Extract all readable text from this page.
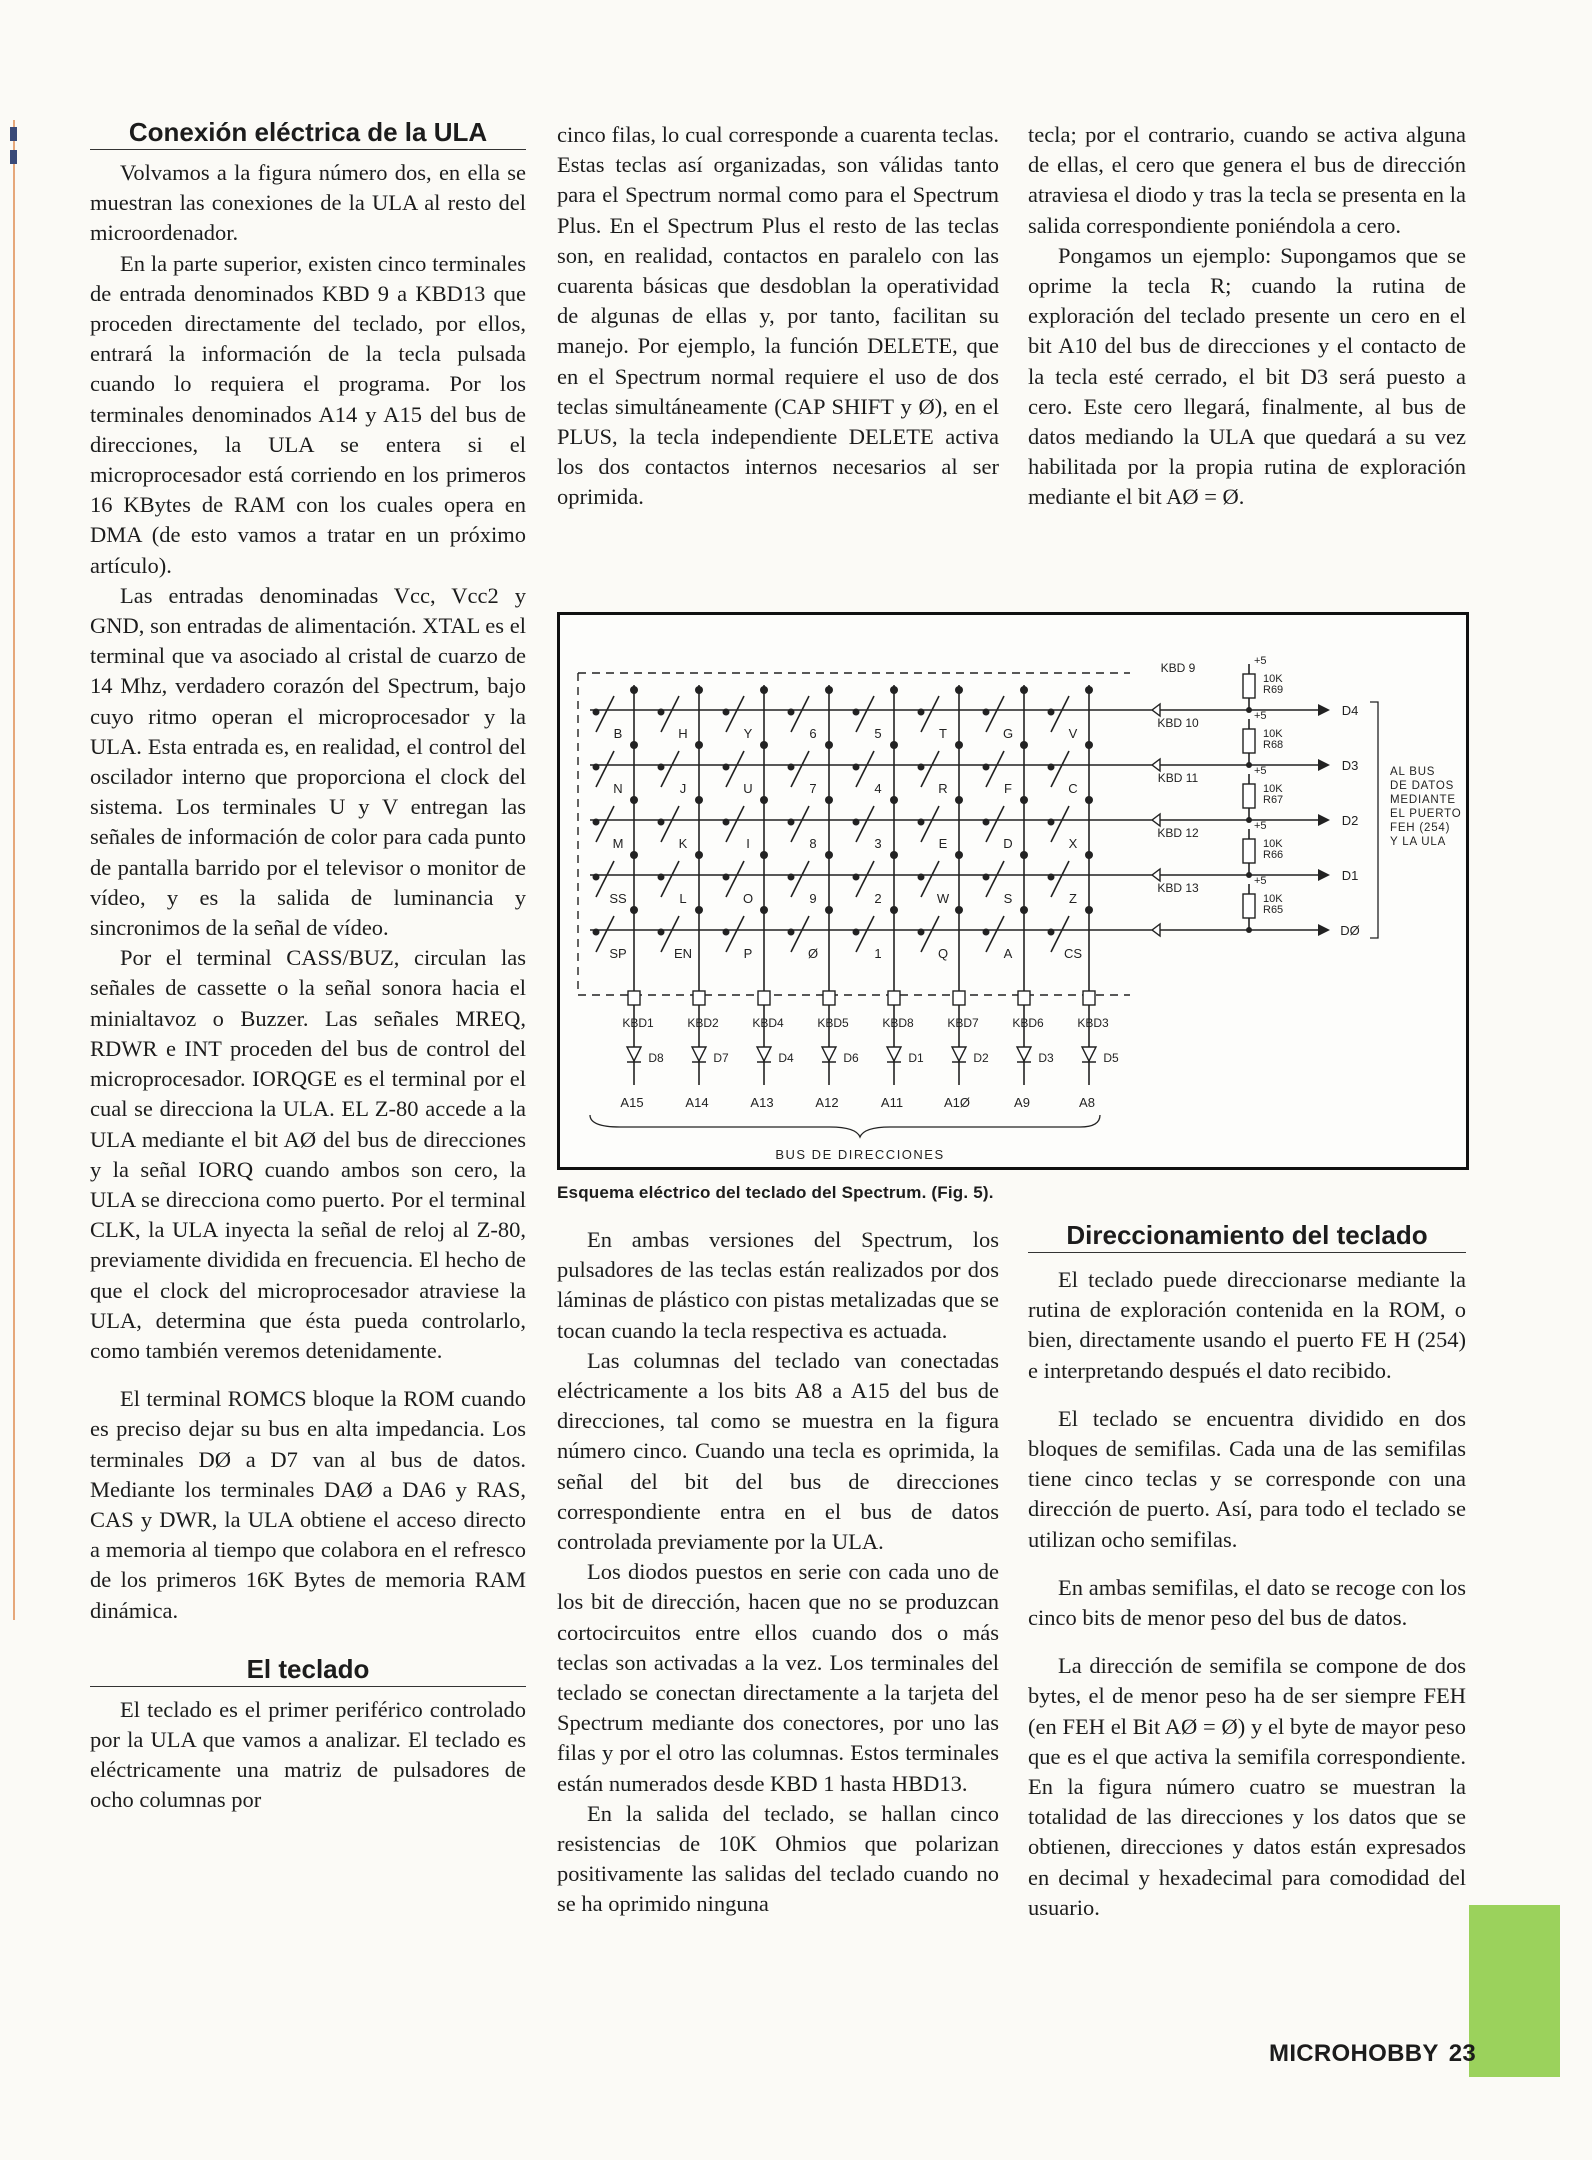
Conexión eléctrica de la ULA

Volvamos a la figura número dos, en ella se muestran las conexiones de la ULA al resto del microordenador.

En la parte superior, existen cinco terminales de entrada denominados KBD 9 a KBD13 que proceden directamente del teclado, por ellos, entrará la información de la tecla pulsada cuando lo requiera el programa. Por los terminales denominados A14 y A15 del bus de direcciones, la ULA se entera si el microprocesador está corriendo en los primeros 16 KBytes de RAM con los cuales opera en DMA (de esto vamos a tratar en un próximo artículo).

Las entradas denominadas Vcc, Vcc2 y GND, son entradas de alimentación. XTAL es el terminal que va asociado al cristal de cuarzo de 14 Mhz, verdadero corazón del Spectrum, bajo cuyo ritmo operan el microprocesador y la ULA. Esta entrada es, en realidad, el control del oscilador interno que proporciona el clock del sistema. Los terminales U y V entregan las señales de información de color para cada punto de pantalla barrido por el televisor o monitor de vídeo, y es la salida de luminancia y sincronimos de la señal de vídeo.

Por el terminal CASS/BUZ, circulan las señales de cassette o la señal sonora hacia el minialtavoz o Buzzer. Las señales MREQ, RDWR e INT proceden del bus de control del microprocesador. IORQGE es el terminal por el cual se direcciona la ULA. EL Z-80 accede a la ULA mediante el bit AØ del bus de direcciones y la señal IORQ cuando ambos son cero, la ULA se direcciona como puerto. Por el terminal CLK, la ULA inyecta la señal de reloj al Z-80, previamente dividida en frecuencia. El hecho de que el clock del microprocesador atraviese la ULA, determina que ésta pueda controlarlo, como también veremos detenidamente.

El terminal ROMCS bloque la ROM cuando es preciso dejar su bus en alta impedancia. Los terminales DØ a D7 van al bus de datos. Mediante los terminales DAØ a DA6 y RAS, CAS y DWR, la ULA obtiene el acceso directo a memoria al tiempo que colabora en el refresco de los primeros 16K Bytes de memoria RAM dinámica.

El teclado

El teclado es el primer periférico controlado por la ULA que vamos a analizar. El teclado es eléctricamente una matriz de pulsadores de ocho columnas por

cinco filas, lo cual corresponde a cuarenta teclas. Estas teclas así organizadas, son válidas tanto para el Spectrum normal como para el Spectrum Plus. En el Spectrum Plus el resto de las teclas son, en realidad, contactos en paralelo con las cuarenta básicas que desdoblan la operatividad de algunas de ellas y, por tanto, facilitan su manejo. Por ejemplo, la función DELETE, que en el Spectrum normal requiere el uso de dos teclas simultáneamente (CAP SHIFT y Ø), en el PLUS, la tecla independiente DELETE activa los dos contactos internos necesarios al ser oprimida.

tecla; por el contrario, cuando se activa alguna de ellas, el cero que genera el bus de dirección atraviesa el diodo y tras la tecla se presenta en la salida correspondiente poniéndola a cero.

Pongamos un ejemplo: Supongamos que se oprime la tecla R; cuando la rutina de exploración del teclado presente un cero en el bit A10 del bus de direcciones y el contacto de la tecla esté cerrado, el bit D3 será puesto a cero. Este cero llegará, finalmente, al bus de datos mediando la ULA que quedará a su vez habilitada por la propia rutina de exploración mediante el bit AØ = Ø.

B	H	Y	6	5	T	G	V
N	J	U	7	4	R	F	C
M	K	I	8	3	E	D	X
SS	L	O	9	2	W	S	Z
SP	EN	P	Ø	1	Q	A	CS
KBD1
D8
A15
KBD2
D7
A14
KBD4
D4
A13
KBD5
D6
A12
KBD8
D1
A11
KBD7
D2
A1Ø
KBD6
D3
A9
KBD3
D5
A8
BUS DE DIRECCIONES
KBD 9
D4
+5
10K
R69
KBD 10
D3
+5
10K
R68
KBD 11
D2
+5
10K
R67
KBD 12
D1
+5
10K
R66
KBD 13
DØ
+5
10K
R65
AL BUS
DE DATOS
MEDIANTE
EL PUERTO
FEH (254)
Y LA ULA
Esquema eléctrico del teclado del Spectrum. (Fig. 5).

En ambas versiones del Spectrum, los pulsadores de las teclas están realizados por dos láminas de plástico con pistas metalizadas que se tocan cuando la tecla respectiva es actuada.

Las columnas del teclado van conectadas eléctricamente a los bits A8 a A15 del bus de direcciones, tal como se muestra en la figura número cinco. Cuando una tecla es oprimida, la señal del bit del bus de direcciones correspondiente entra en el bus de datos controlada previamente por la ULA.

Los diodos puestos en serie con cada uno de los bit de dirección, hacen que no se produzcan cortocircuitos entre ellos cuando dos o más teclas son activadas a la vez. Los terminales del teclado se conectan directamente a la tarjeta del Spectrum mediante dos conectores, por uno las filas y por el otro las columnas. Estos terminales están numerados desde KBD 1 hasta HBD13.

En la salida del teclado, se hallan cinco resistencias de 10K Ohmios que polarizan positivamente las salidas del teclado cuando no se ha oprimido ninguna

Direccionamiento del teclado

El teclado puede direccionarse mediante la rutina de exploración contenida en la ROM, o bien, directamente usando el puerto FE H (254) e interpretando después el dato recibido.

El teclado se encuentra dividido en dos bloques de semifilas. Cada una de las semifilas tiene cinco teclas y se corresponde con una dirección de puerto. Así, para todo el teclado se utilizan ocho semifilas.

En ambas semifilas, el dato se recoge con los cinco bits de menor peso del bus de datos.

La dirección de semifila se compone de dos bytes, el de menor peso ha de ser siempre FEH (en FEH el Bit AØ = Ø) y el byte de mayor peso que es el que activa la semifila correspondiente. En la figura número cuatro se muestran la totalidad de las direcciones y los datos que se obtienen, direcciones y datos están expresados en decimal y hexadecimal para comodidad del usuario.

MICROHOBBY 23
